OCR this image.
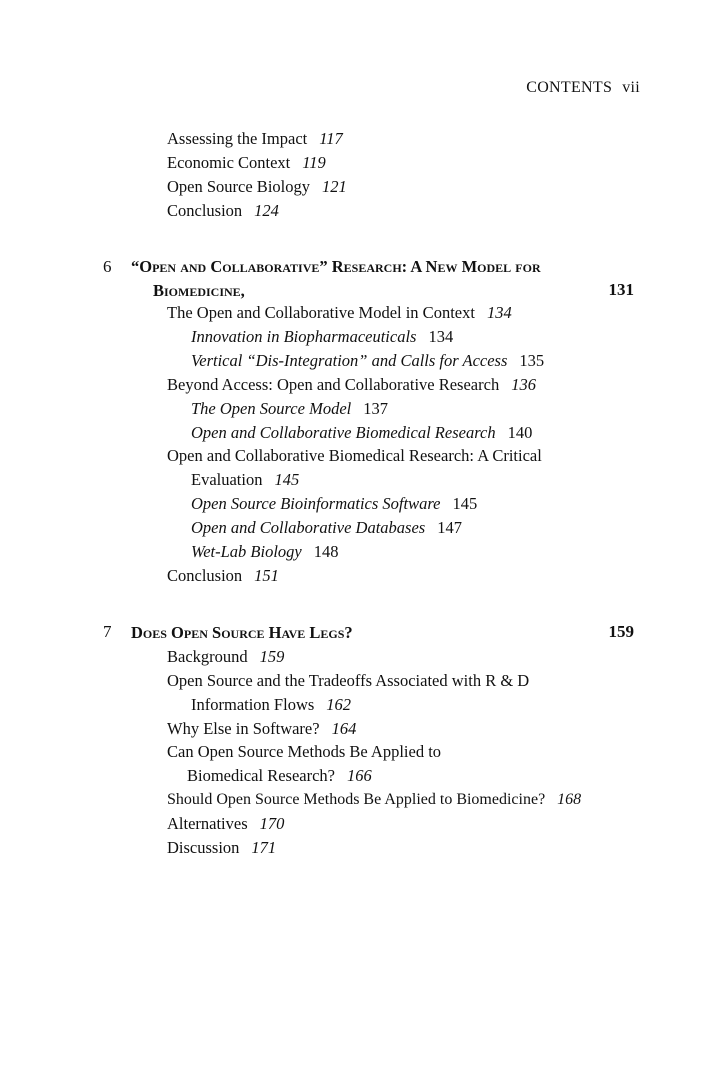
CONTENTS vii
Assessing the Impact 117
Economic Context 119
Open Source Biology 121
Conclusion 124
6 “Open and Collaborative” Research: A New Model for
Biomedicine,	131
The Open and Collaborative Model in Context 134
Innovation in Biopharmaceuticals 134
Vertical “Dis-Integration” and Calls for Access 135
Beyond Access: Open and Collaborative Research 136
The Open Source Model 137
Open and Collaborative Biomedical Research 140
Open and Collaborative Biomedical Research: A Critical
Evaluation 145
Open Source Bioinformatics Software 145
Open and Collaborative Databases 147
Wet-Lab Biology 148
Conclusion 151
7 Does Open Source Have Legs?	159
Background 159
Open Source and the Tradeoffs Associated with R & D
Information Flows 162
Why Else in Software? 164
Can Open Source Methods Be Applied to
Biomedical Research? 166
Should Open Source Methods Be Applied to Biomedicine? 168
Alternatives 170
Discussion 171
